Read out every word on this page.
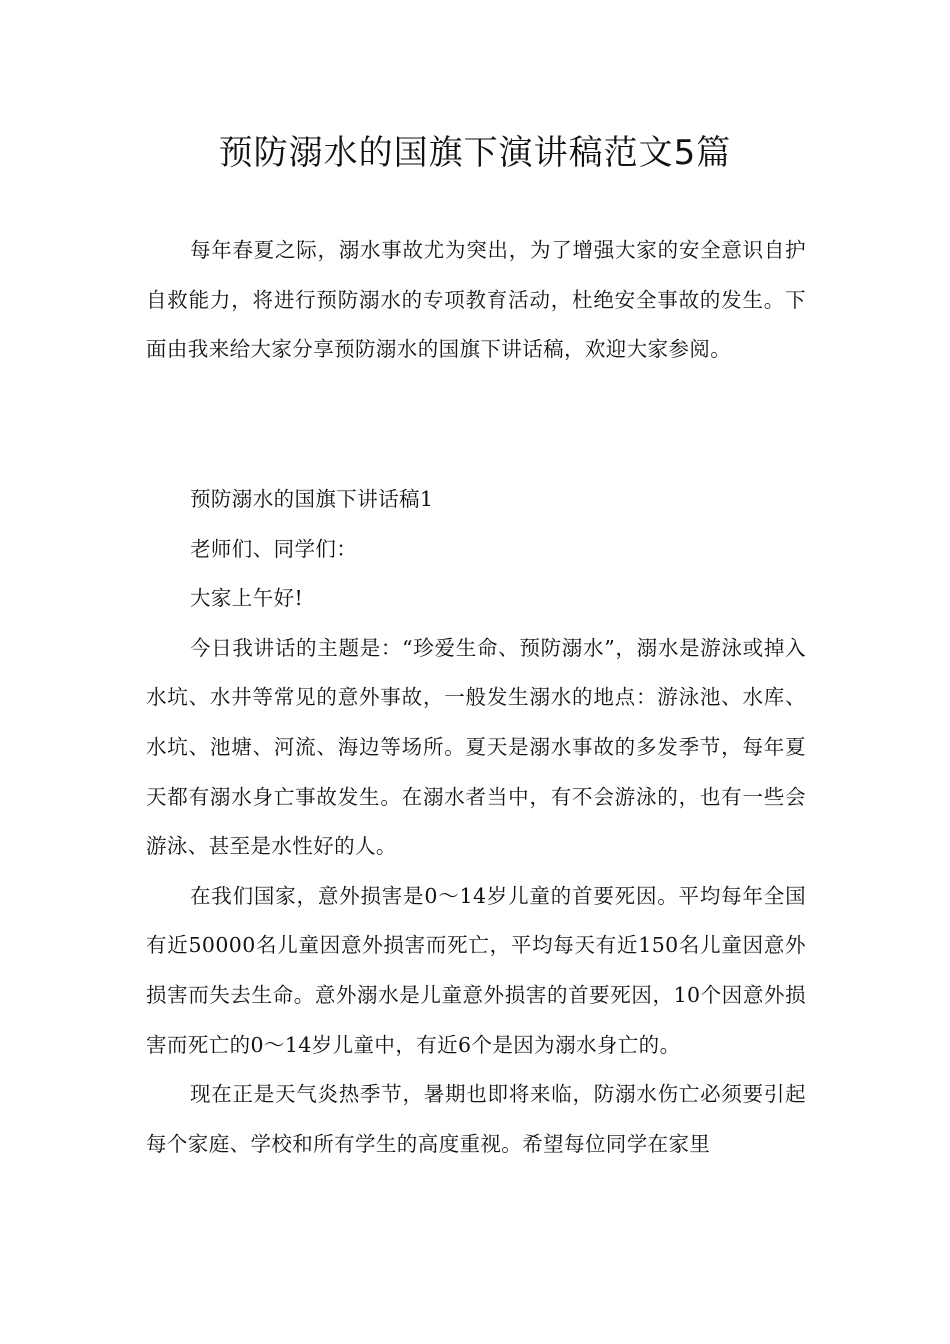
预防溺水的国旗下演讲稿范文5篇

每年春夏之际，溺水事故尤为突出，为了增强大家的安全意识自护自救能力，将进行预防溺水的专项教育活动，杜绝安全事故的发生。下面由我来给大家分享预防溺水的国旗下讲话稿，欢迎大家参阅。

预防溺水的国旗下讲话稿1

老师们、同学们：

大家上午好!

今日我讲话的主题是：“珍爱生命、预防溺水”，溺水是游泳或掉入水坑、水井等常见的意外事故，一般发生溺水的地点：游泳池、水库、水坑、池塘、河流、海边等场所。夏天是溺水事故的多发季节，每年夏天都有溺水身亡事故发生。在溺水者当中，有不会游泳的，也有一些会游泳、甚至是水性好的人。

在我们国家，意外损害是0～14岁儿童的首要死因。平均每年全国有近50000名儿童因意外损害而死亡，平均每天有近150名儿童因意外损害而失去生命。意外溺水是儿童意外损害的首要死因，10个因意外损害而死亡的0～14岁儿童中，有近6个是因为溺水身亡的。

现在正是天气炎热季节，暑期也即将来临，防溺水伤亡必须要引起每个家庭、学校和所有学生的高度重视。希望每位同学在家里
